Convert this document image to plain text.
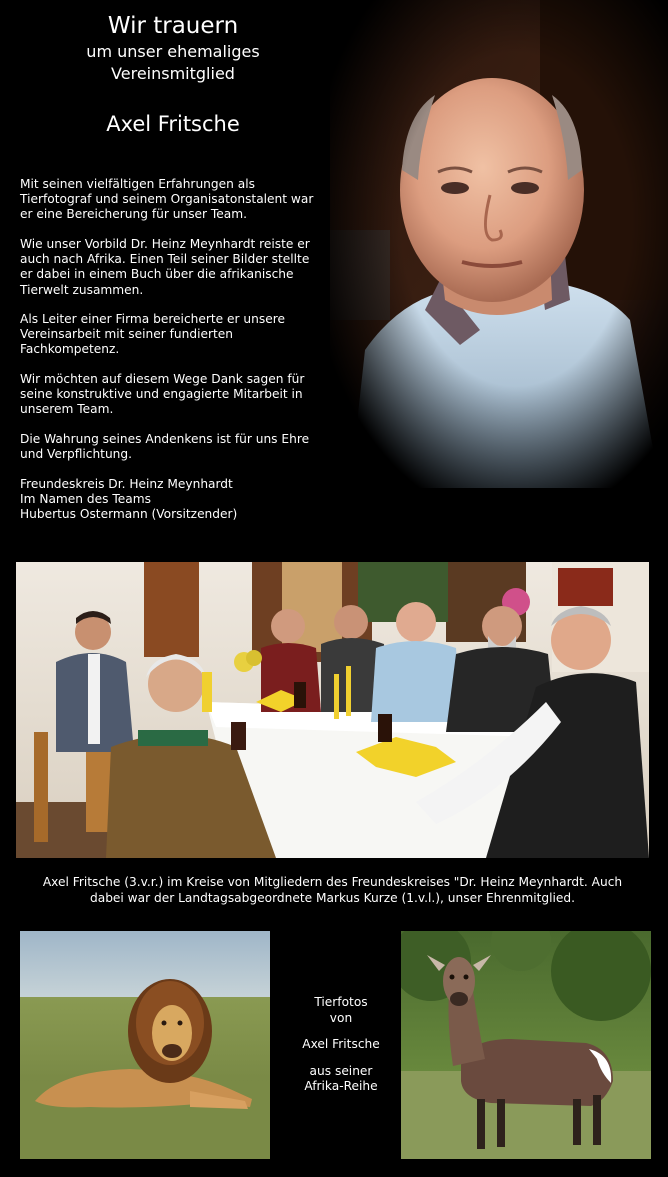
Wir trauern
um unser ehemaliges
Vereinsmitglied
Axel Fritsche

Mit seinen vielfältigen Erfahrungen als

Tierfotograf und seinem Organisatonstalent war

er eine Bereicherung für unser Team.

Wie unser Vorbild Dr. Heinz Meynhardt reiste er

auch nach Afrika. Einen Teil seiner Bilder stellte

er dabei in einem Buch über die afrikanische

Tierwelt zusammen.

Als Leiter einer Firma bereicherte er unsere

Vereinsarbeit mit seiner fundierten

Fachkompetenz.

Wir möchten auf diesem Wege Dank sagen für

seine konstruktive und engagierte Mitarbeit in

unserem Team.

Die Wahrung seines Andenkens ist für uns Ehre

und Verpflichtung.

Freundeskreis Dr. Heinz Meynhardt

Im Namen des Teams

Hubertus Ostermann (Vorsitzender)

Axel Fritsche (3.v.r.) im Kreise von Mitgliedern des Freundeskreises "Dr. Heinz Meynhardt. Auch
dabei war der Landtagsabgeordnete Markus Kurze (1.v.l.), unser Ehrenmitglied.

Tierfotos

von

Axel Fritsche

aus seiner

Afrika-Reihe
